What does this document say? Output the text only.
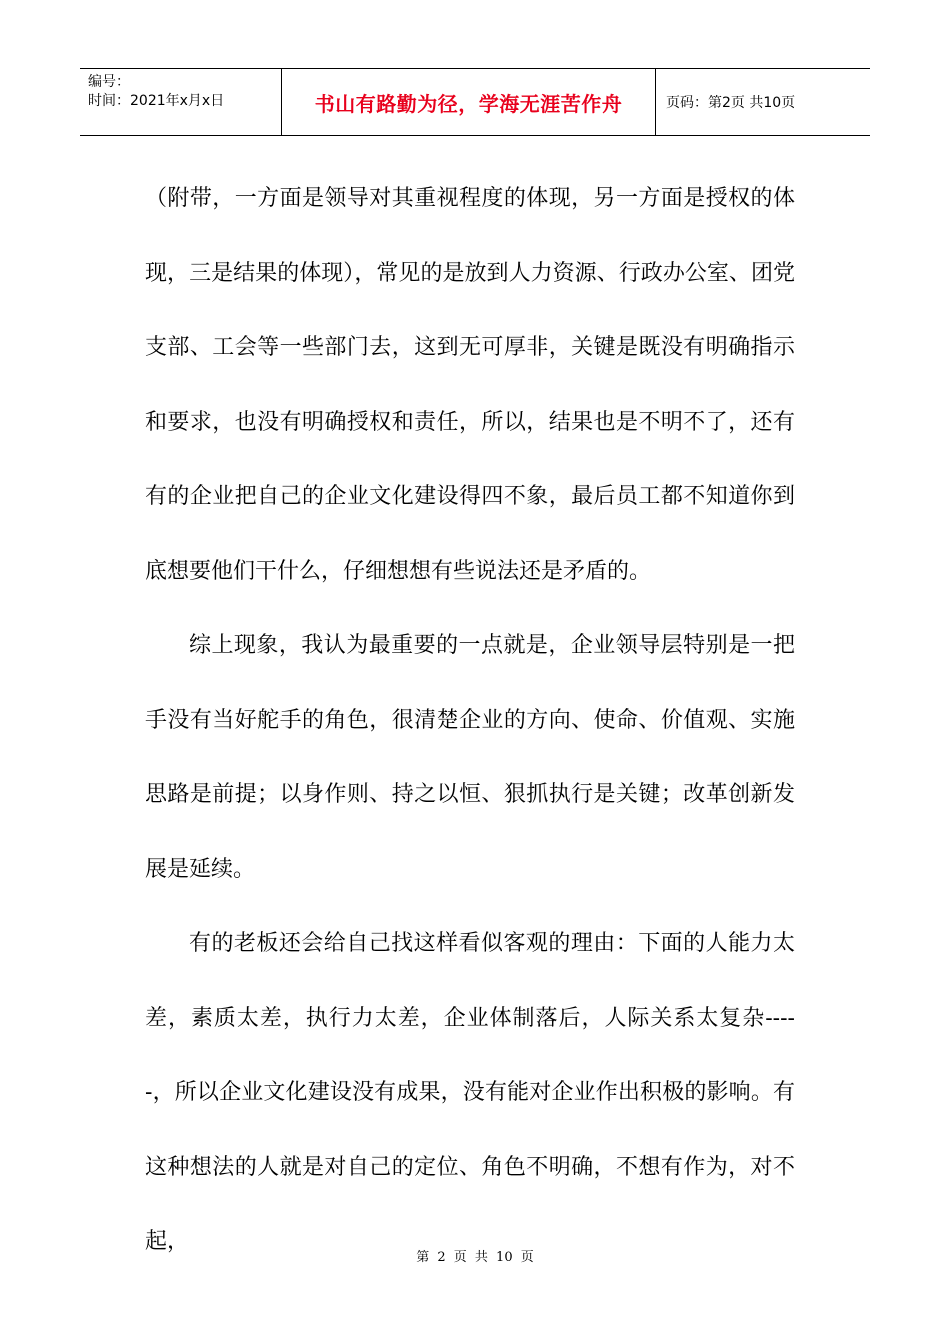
编号：
时间：2021年x月x日	书山有路勤为径，学海无涯苦作舟	页码：第2页 共10页

（附带，一方面是领导对其重视程度的体现，另一方面是授权的体现，三是结果的体现），常见的是放到人力资源、行政办公室、团党支部、工会等一些部门去，这到无可厚非，关键是既没有明确指示和要求，也没有明确授权和责任，所以，结果也是不明不了，还有有的企业把自己的企业文化建设得四不象，最后员工都不知道你到底想要他们干什么，仔细想想有些说法还是矛盾的。

综上现象，我认为最重要的一点就是，企业领导层特别是一把手没有当好舵手的角色，很清楚企业的方向、使命、价值观、实施思路是前提；以身作则、持之以恒、狠抓执行是关键；改革创新发展是延续。

有的老板还会给自己找这样看似客观的理由：下面的人能力太差，素质太差，执行力太差，企业体制落后，人际关系太复杂-----，所以企业文化建设没有成果，没有能对企业作出积极的影响。有这种想法的人就是对自己的定位、角色不明确，不想有作为，对不起，

第 2 页 共 10 页
